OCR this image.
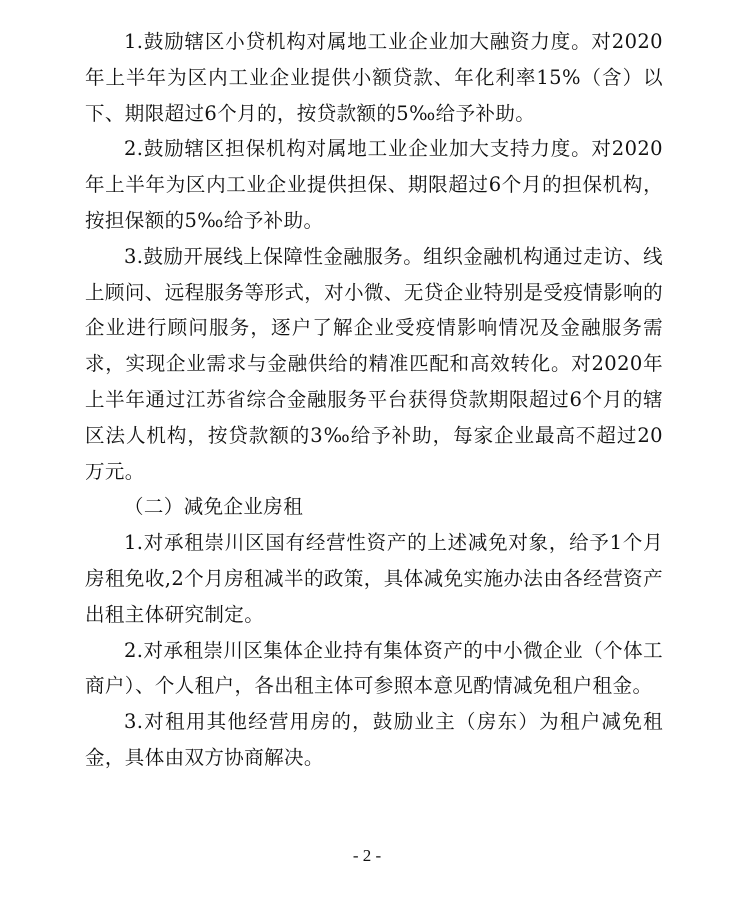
1.鼓励辖区小贷机构对属地工业企业加大融资力度。对2020年上半年为区内工业企业提供小额贷款、年化利率15%（含）以下、期限超过6个月的，按贷款额的5‰给予补助。

2.鼓励辖区担保机构对属地工业企业加大支持力度。对2020年上半年为区内工业企业提供担保、期限超过6个月的担保机构，按担保额的5‰给予补助。

3.鼓励开展线上保障性金融服务。组织金融机构通过走访、线上顾问、远程服务等形式，对小微、无贷企业特别是受疫情影响的企业进行顾问服务，逐户了解企业受疫情影响情况及金融服务需求，实现企业需求与金融供给的精准匹配和高效转化。对2020年上半年通过江苏省综合金融服务平台获得贷款期限超过6个月的辖区法人机构，按贷款额的3‰给予补助，每家企业最高不超过20万元。

（二）减免企业房租

1.对承租崇川区国有经营性资产的上述减免对象，给予1个月房租免收,2个月房租减半的政策，具体减免实施办法由各经营资产出租主体研究制定。

2.对承租崇川区集体企业持有集体资产的中小微企业（个体工商户）、个人租户，各出租主体可参照本意见酌情减免租户租金。

3.对租用其他经营用房的，鼓励业主（房东）为租户减免租金，具体由双方协商解决。

- 2 -
